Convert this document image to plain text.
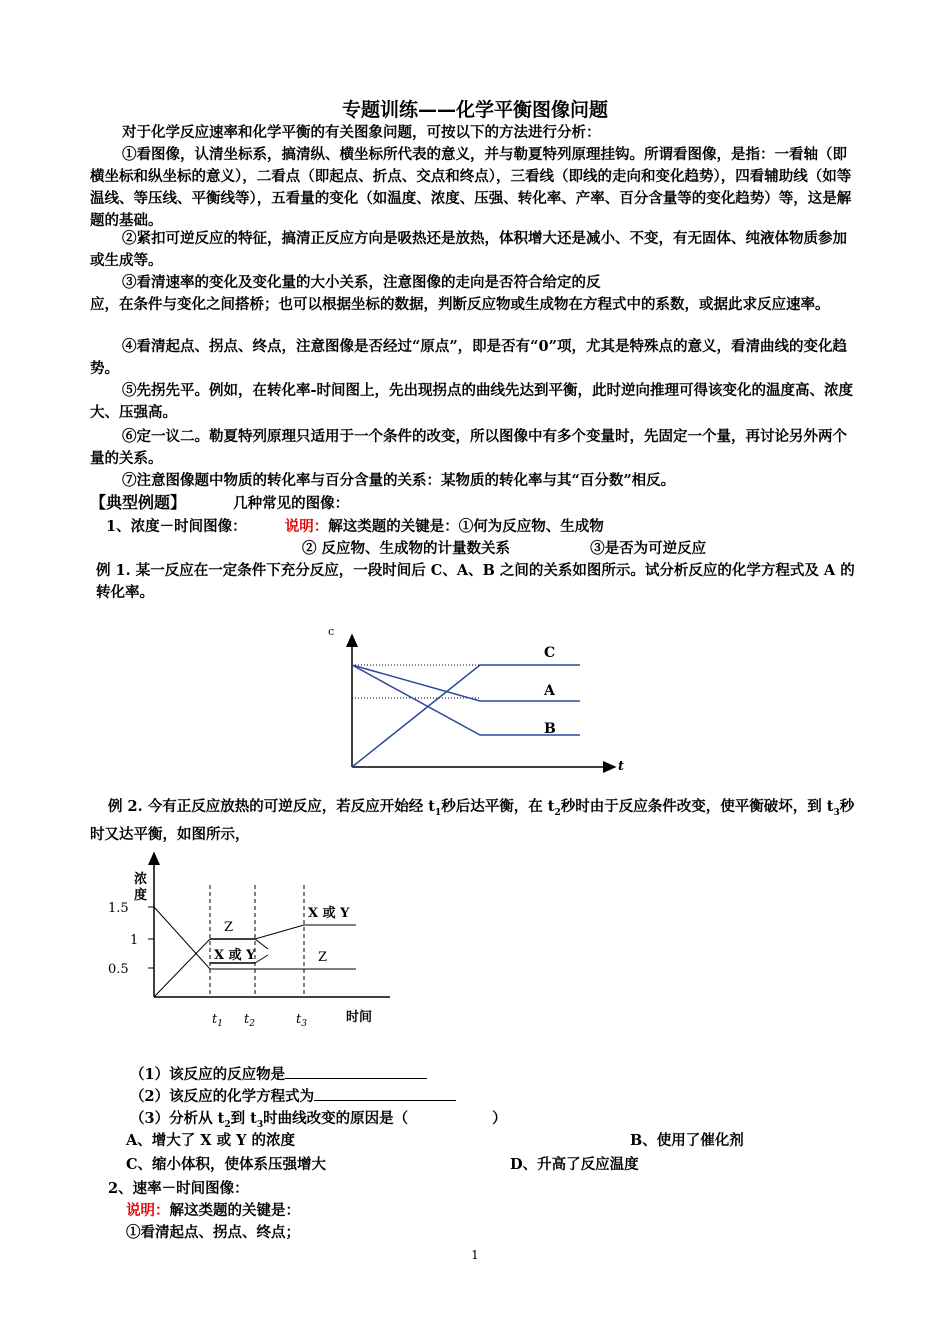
专题训练——化学平衡图像问题
对于化学反应速率和化学平衡的有关图象问题，可按以下的方法进行分析：
①看图像，认清坐标系，搞清纵、横坐标所代表的意义，并与勒夏特列原理挂钩。所谓看图像，是指：一看轴（即横坐标和纵坐标的意义），二看点（即起点、折点、交点和终点），三看线（即线的走向和变化趋势），四看辅助线（如等温线、等压线、平衡线等），五看量的变化（如温度、浓度、压强、转化率、产率、百分含量等的变化趋势）等，这是解题的基础。
②紧扣可逆反应的特征，搞清正反应方向是吸热还是放热，体积增大还是减小、不变，有无固体、纯液体物质参加或生成等。
③看清速率的变化及变化量的大小关系，注意图像的走向是否符合给定的反
应，在条件与变化之间搭桥；也可以根据坐标的数据，判断反应物或生成物在方程式中的系数，或据此求反应速率。
④看清起点、拐点、终点，注意图像是否经过“原点”，即是否有“0”项，尤其是特殊点的意义，看清曲线的变化趋势。
⑤先拐先平。例如，在转化率-时间图上，先出现拐点的曲线先达到平衡，此时逆向推理可得该变化的温度高、浓度大、压强高。
⑥定一议二。勒夏特列原理只适用于一个条件的改变，所以图像中有多个变量时，先固定一个量，再讨论另外两个量的关系。
⑦注意图像题中物质的转化率与百分含量的关系：某物质的转化率与其“百分数”相反。
【典型例题】	几种常见的图像：
1、浓度－时间图像：	说明：解这类题的关键是：①何为反应物、生成物
② 反应物、生成物的计量数关系	③是否为可逆反应
例 1. 某一反应在一定条件下充分反应，一段时间后 C、A、B 之间的关系如图所示。试分析反应的化学方程式及 A 的转化率。
c
t
C
A
B
例 2. 今有正反应放热的可逆反应，若反应开始经 $t_1$秒后达平衡，在 $t_2$秒时由于反应条件改变，使平衡破坏，到 $t_3$秒时又达平衡，如图所示，
浓
度
1.5
1
0.5
Z
X 或 Y
X 或 Y
Z
$t_1$ $t_2$	$t_3$	时间
（1）该反应的反应物是
（2）该反应的化学方程式为
（3）分析从 $t_2$到 $t_3$时曲线改变的原因是（	）
A、增大了 X 或 Y 的浓度	B、使用了催化剂
C、缩小体积，使体系压强增大	D、升高了反应温度
2、速率－时间图像：
说明：解这类题的关键是：
①看清起点、拐点、终点；
1
